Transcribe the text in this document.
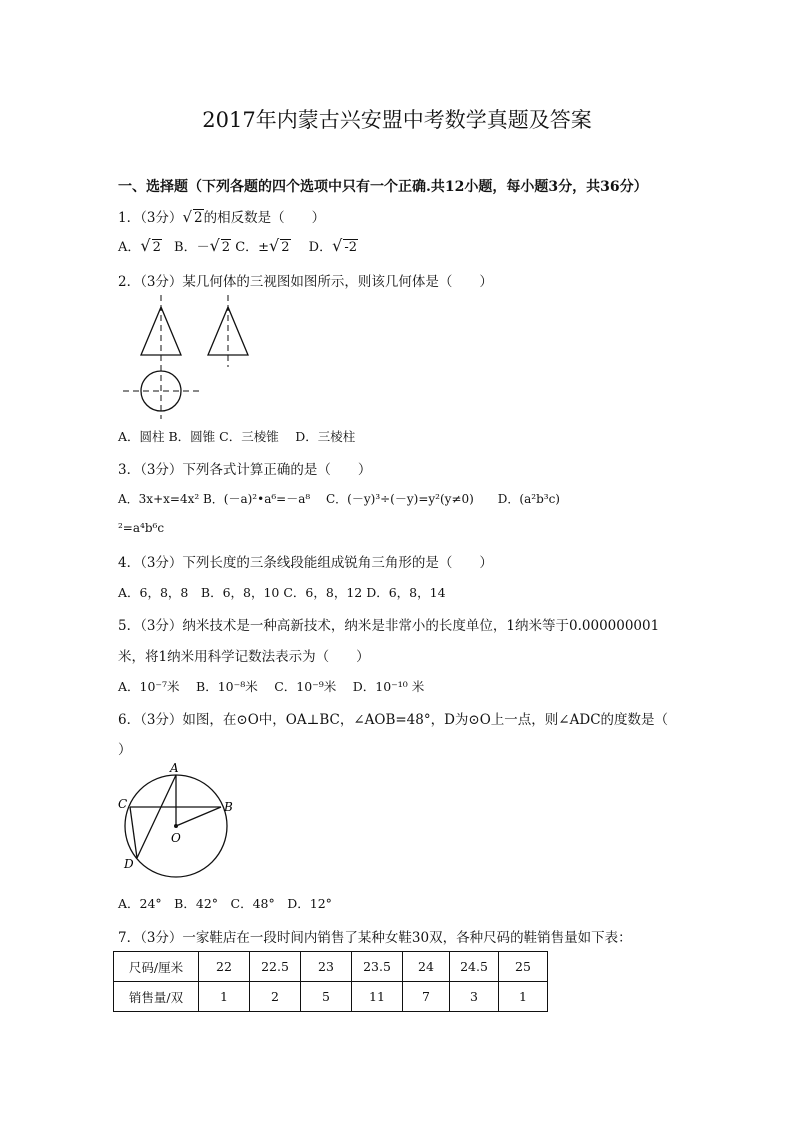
2017年内蒙古兴安盟中考数学真题及答案
一、选择题（下列各题的四个选项中只有一个正确.共12小题，每小题3分，共36分）
1．（3分）√ 2的相反数是（　　）
A．√ 2 B．－√ 2 C．±√ 2 D．√ -2
2．（3分）某几何体的三视图如图所示，则该几何体是（　　）
A．圆柱 B．圆锥 C．三棱锥　 D．三棱柱
3．（3分）下列各式计算正确的是（　　）
A．3x+x=4x² B．(－a)²•a⁶=－a⁸　 C．(－y)³÷(－y)=y²(y≠0)　　D．(a²b³c)
²=a⁴b⁶c
4．（3分）下列长度的三条线段能组成锐角三角形的是（　　）
A．6，8，8　B．6，8，10 C．6，8，12 D．6，8，14
5．（3分）纳米技术是一种高新技术，纳米是非常小的长度单位，1纳米等于0.000000001
米，将1纳米用科学记数法表示为（　　）
A．10⁻⁷米　 B．10⁻⁸米　 C．10⁻⁹米　 D．10⁻¹⁰ 米
6．（3分）如图，在⊙O中，OA⊥BC，∠AOB=48°，D为⊙O上一点，则∠ADC的度数是（
）
A
B
C
D
O
A．24°　B．42°　C．48°　D．12°
7．（3分）一家鞋店在一段时间内销售了某种女鞋30双，各种尺码的鞋销售量如下表：
尺码/厘米	22	22.5	23	23.5	24	24.5	25
销售量/双	1	2	5	11	7	3	1
